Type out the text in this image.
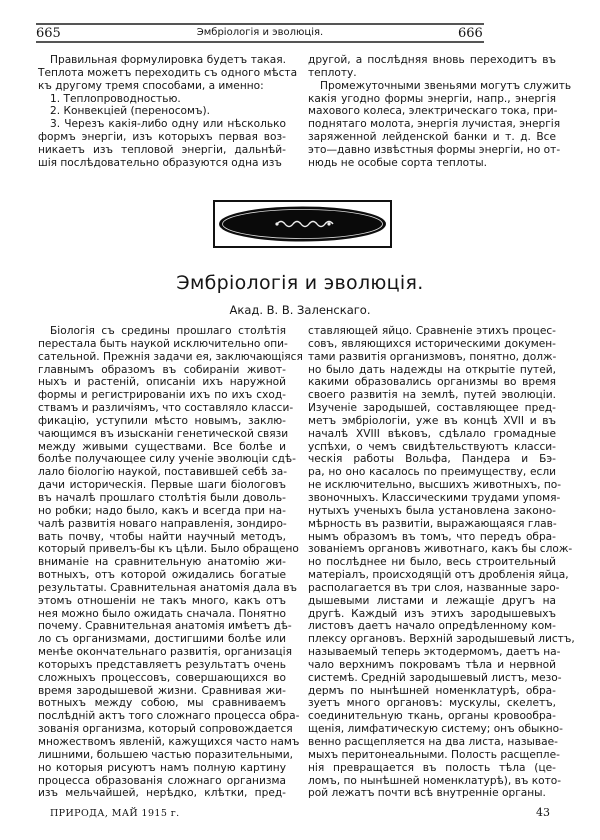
665	Эмбріологія и эволюція.	666
Правильная формулировка будетъ такая.
Теплота можетъ переходить съ одного мѣста
къ другому тремя способами, а именно:
1. Теплопроводностью.
2. Конвекціей (переносомъ).
3. Черезъ какія-либо одну или нѣсколько
формъ энергіи, изъ которыхъ первая воз-
никаетъ изъ тепловой энергіи, дальнѣй-
шія послѣдовательно образуются одна изъ
другой, а послѣдняя вновь переходитъ въ
теплоту.
Промежуточными звеньями могутъ служить
какія угодно формы энергіи, напр., энергія
махового колеса, электрическаго тока, при-
поднятаго молота, энергія лучистая, энергія
заряженной лейденской банки и т. д. Все
это—давно извѣстныя формы энергіи, но от-
нюдь не особые сорта теплоты.
Эмбріологія и эволюція.
Акад. В. В. Заленскаго.
Біологія съ средины прошлаго столѣтія
перестала быть наукой исключительно опи-
сательной. Прежнія задачи ея, заключающіяся
главнымъ образомъ въ собираніи живот-
ныхъ и растеній, описаніи ихъ наружной
формы и регистрированіи ихъ по ихъ сход-
ствамъ и различіямъ, что составляло класси-
фикацію, уступили мѣсто новымъ, заклю-
чающимся въ изысканіи генетической связи
между живыми существами. Все болѣе и
болѣе получающее силу ученіе эволюціи сдѣ-
лало біологію наукой, поставившей себѣ за-
дачи историческія. Первые шаги біологовъ
въ началѣ прошлаго столѣтія были доволь-
но робки; надо было, какъ и всегда при на-
чалѣ развитія новаго направленія, зондиро-
вать почву, чтобы найти научный методъ,
который привелъ-бы къ цѣли. Было обращено
вниманіе на сравнительную анатомію жи-
вотныхъ, отъ которой ожидались богатые
результаты. Сравнительная анатомія дала въ
этомъ отношеніи не такъ много, какъ отъ
нея можно было ожидать сначала. Понятно
почему. Сравнительная анатомія имѣетъ дѣ-
ло съ организмами, достигшими болѣе или
менѣе окончательнаго развитія, организація
которыхъ представляетъ результатъ очень
сложныхъ процессовъ, совершающихся во
время зародышевой жизни. Сравнивая жи-
вотныхъ между собою, мы сравниваемъ
послѣдній актъ того сложнаго процесса обра-
зованія организма, который сопровождается
множествомъ явленій, кажущихся часто намъ
лишними, большею частью поразительными,
но которыя рисуютъ намъ полную картину
процесса образованія сложнаго организма
изъ мельчайшей, нерѣдко, клѣтки, пред-
ставляющей яйцо. Сравненіе этихъ процес-
совъ, являющихся историческими докумен-
тами развитія организмовъ, понятно, долж-
но было дать надежды на открытіе путей,
какими образовались организмы во время
своего развитія на землѣ, путей эволюціи.
Изученіе зародышей, составляющее пред-
метъ эмбріологіи, уже въ концѣ XVII и въ
началѣ XVIII вѣковъ, сдѣлало громадные
успѣхи, о чемъ свидѣтельствуютъ класси-
ческія работы Вольфа, Пандера и Бэ-
ра, но оно касалось по преимуществу, если
не исключительно, высшихъ животныхъ, по-
звоночныхъ. Классическими трудами упомя-
нутыхъ ученыхъ была установлена законо-
мѣрность въ развитіи, выражающаяся глав-
нымъ образомъ въ томъ, что передъ обра-
зованіемъ органовъ животнаго, какъ бы слож-
но послѣднее ни было, весь строительный
матеріалъ, происходящій отъ дробленія яйца,
располагается въ три слоя, названные заро-
дышевыми листами и лежащіе другъ на
другѣ. Каждый изъ этихъ зародышевыхъ
листовъ даетъ начало опредѣленному ком-
плексу органовъ. Верхній зародышевый листъ,
называемый теперь эктодермомъ, даетъ на-
чало верхнимъ покровамъ тѣла и нервной
системѣ. Средній зародышевый листъ, мезо-
дермъ по нынѣшней номенклатурѣ, обра-
зуетъ много органовъ: мускулы, скелетъ,
соединительную ткань, органы кровообра-
щенія, лимфатическую систему; онъ обыкно-
венно расщепляется на два листа, называе-
мыхъ перитонеальными. Полость расщепле-
нія превращается въ полость тѣла (це-
ломъ, по нынѣшней номенклатурѣ), въ кото-
рой лежатъ почти всѣ внутренніе органы.
ПРИРОДА, МАЙ 1915 г.	43
